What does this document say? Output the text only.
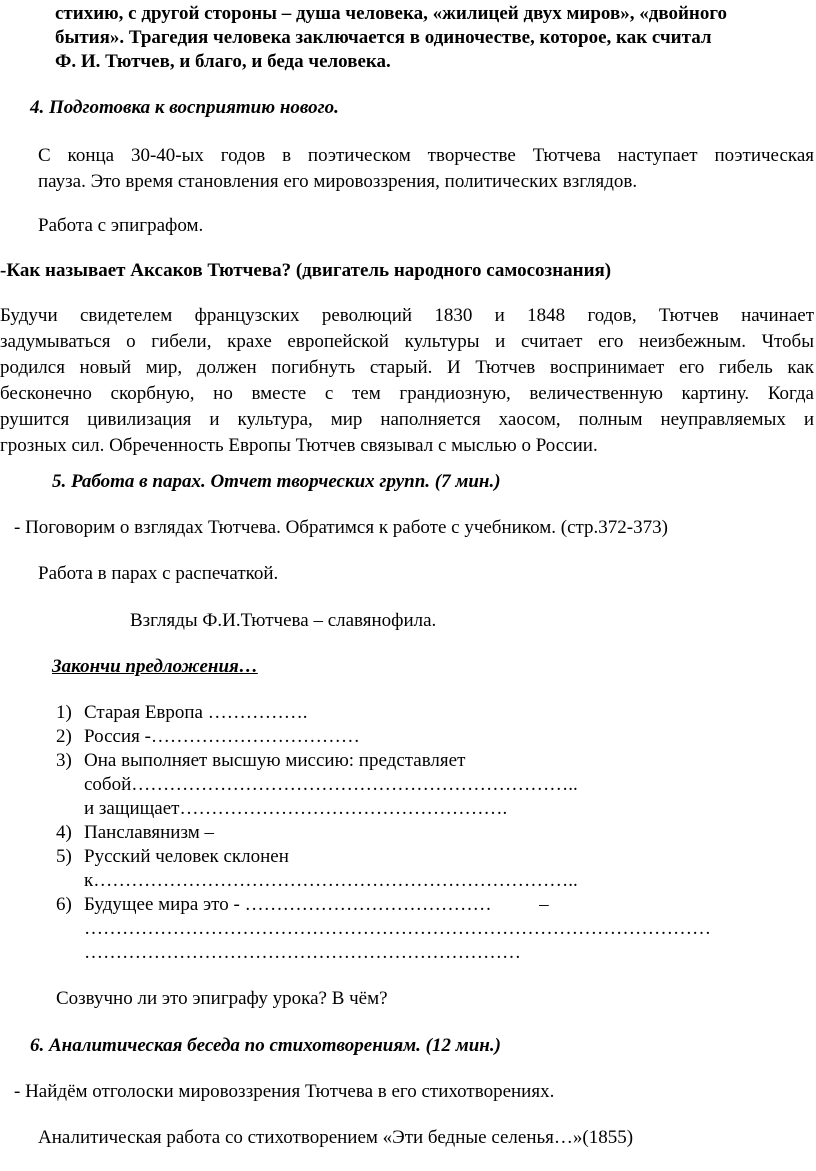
стихию, с другой стороны – душа человека, «жилицей двух миров», «двойного
бытия». Трагедия человека заключается в одиночестве, которое, как считал
Ф. И. Тютчев, и благо, и беда человека.
4. Подготовка к восприятию нового.
С конца 30-40-ых годов в поэтическом творчестве Тютчева наступает поэтическая
пауза. Это время становления его мировоззрения, политических взглядов.
Работа с эпиграфом.
-Как называет Аксаков Тютчева? (двигатель народного самосознания)
Будучи свидетелем французских революций 1830 и 1848 годов, Тютчев начинает
задумываться о гибели, крахе европейской культуры и считает его неизбежным. Чтобы
родился новый мир, должен погибнуть старый. И Тютчев воспринимает его гибель как
бесконечно скорбную, но вместе с тем грандиозную, величественную картину. Когда
рушится цивилизация и культура, мир наполняется хаосом, полным неуправляемых и
грозных сил. Обреченность Европы Тютчев связывал с мыслью о России.
5. Работа в парах. Отчет творческих групп. (7 мин.)
- Поговорим о взглядах Тютчева. Обратимся к работе с учебником. (стр.372-373)
Работа в парах с распечаткой.
Взгляды Ф.И.Тютчева – славянофила.
Закончи предложения…
1) Старая Европа …………….
2) Россия -……………………………
3) Она выполняет высшую миссию: представляет
собой……………………………………………………………..
и защищает…………………………………………….
4) Панславянизм –
5) Русский человек склонен
к…………………………………………………………………..
6) Будущее мира это - …………………………………          –
………………………………………………………………………………………
……………………………………………………………
Созвучно ли это эпиграфу урока? В чём?
6. Аналитическая беседа по стихотворениям. (12 мин.)
- Найдём отголоски мировоззрения Тютчева в его стихотворениях.
Аналитическая работа со стихотворением «Эти бедные селенья…»(1855)
